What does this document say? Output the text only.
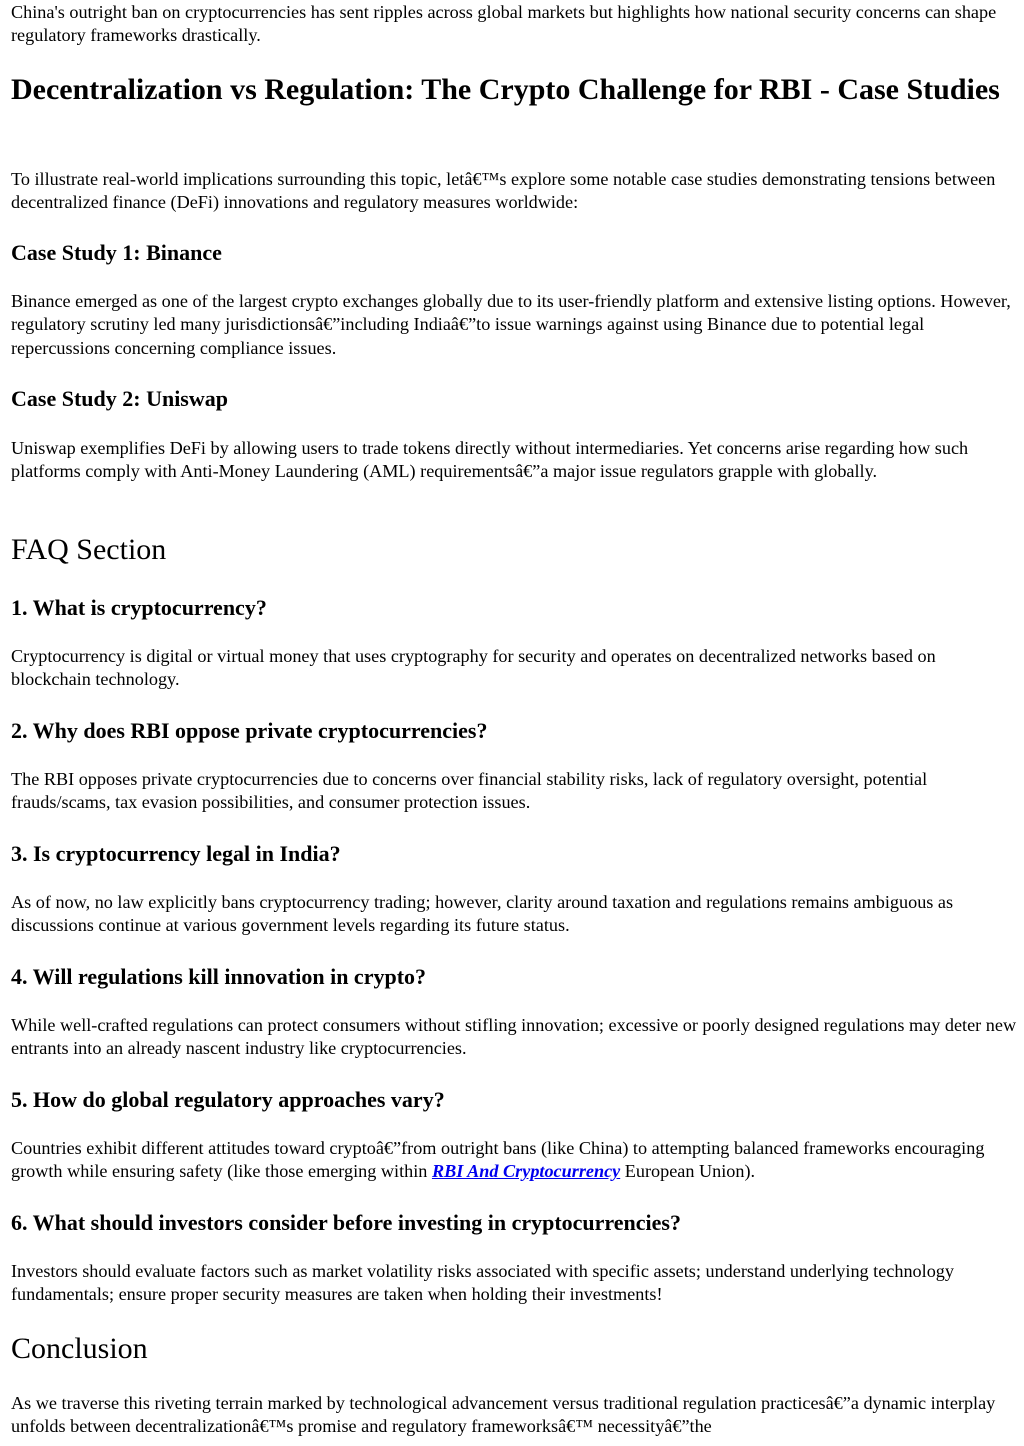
China's outright ban on cryptocurrencies has sent ripples across global markets but highlights how national security concerns can shape regulatory frameworks drastically.

Decentralization vs Regulation: The Crypto Challenge for RBI - Case Studies

To illustrate real-world implications surrounding this topic, letâ€™s explore some notable case studies demonstrating tensions between decentralized finance (DeFi) innovations and regulatory measures worldwide:

Case Study 1: Binance

Binance emerged as one of the largest crypto exchanges globally due to its user-friendly platform and extensive listing options. However, regulatory scrutiny led many jurisdictionsâ€”including Indiaâ€”to issue warnings against using Binance due to potential legal repercussions concerning compliance issues.

Case Study 2: Uniswap

Uniswap exemplifies DeFi by allowing users to trade tokens directly without intermediaries. Yet concerns arise regarding how such platforms comply with Anti-Money Laundering (AML) requirementsâ€”a major issue regulators grapple with globally.

FAQ Section
1. What is cryptocurrency?

Cryptocurrency is digital or virtual money that uses cryptography for security and operates on decentralized networks based on blockchain technology.

2. Why does RBI oppose private cryptocurrencies?

The RBI opposes private cryptocurrencies due to concerns over financial stability risks, lack of regulatory oversight, potential frauds/scams, tax evasion possibilities, and consumer protection issues.

3. Is cryptocurrency legal in India?

As of now, no law explicitly bans cryptocurrency trading; however, clarity around taxation and regulations remains ambiguous as discussions continue at various government levels regarding its future status.

4. Will regulations kill innovation in crypto?

While well-crafted regulations can protect consumers without stifling innovation; excessive or poorly designed regulations may deter new entrants into an already nascent industry like cryptocurrencies.

5. How do global regulatory approaches vary?

Countries exhibit different attitudes toward cryptoâ€”from outright bans (like China) to attempting balanced frameworks encouraging growth while ensuring safety (like those emerging within RBI And Cryptocurrency European Union).

6. What should investors consider before investing in cryptocurrencies?

Investors should evaluate factors such as market volatility risks associated with specific assets; understand underlying technology fundamentals; ensure proper security measures are taken when holding their investments!

Conclusion

As we traverse this riveting terrain marked by technological advancement versus traditional regulation practicesâ€”a dynamic interplay unfolds between decentralizationâ€™s promise and regulatory frameworksâ€™ necessityâ€”the
